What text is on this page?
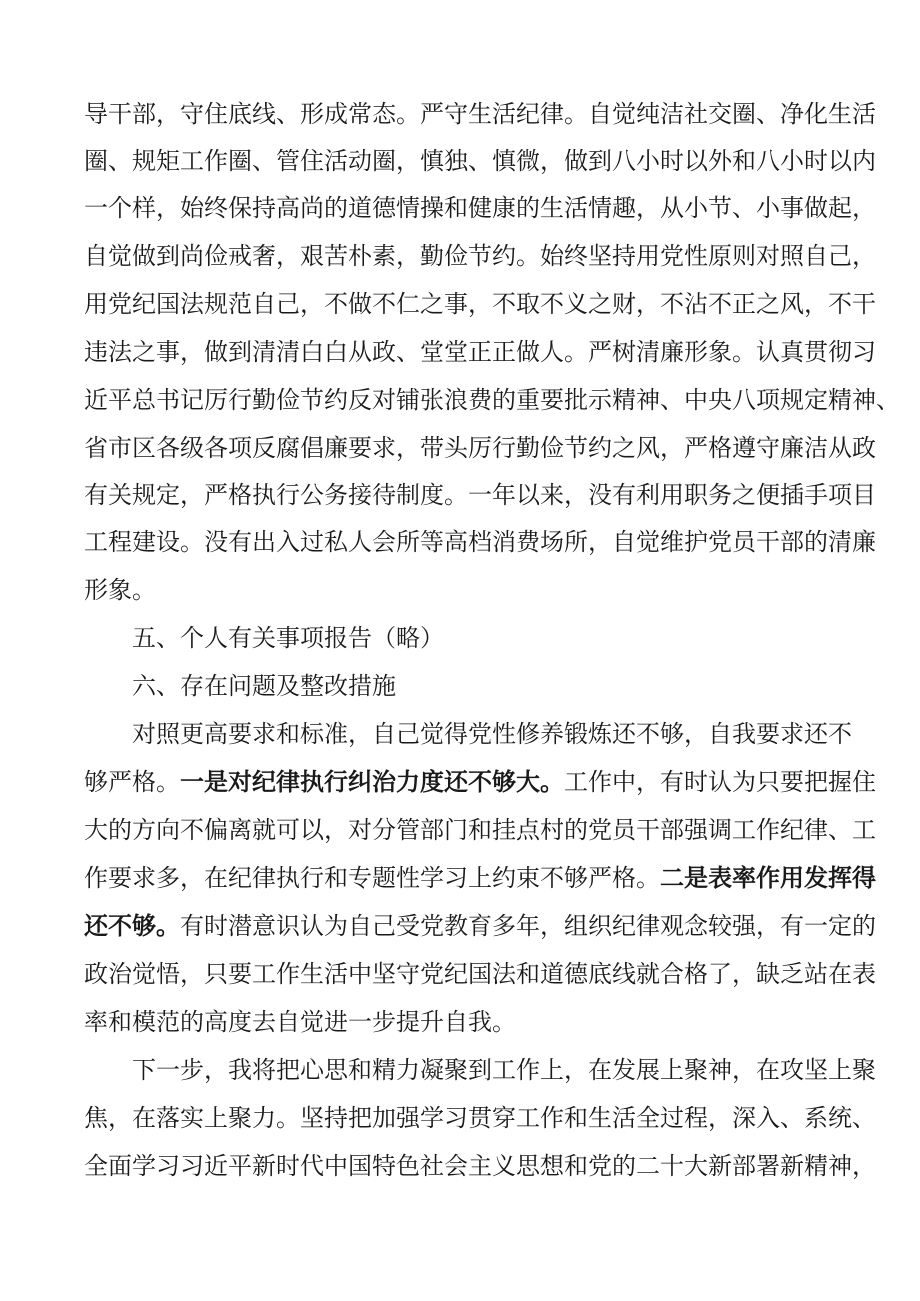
导干部，守住底线、形成常态。严守生活纪律。自觉纯洁社交圈、净化生活
圈、规矩工作圈、管住活动圈，慎独、慎微，做到八小时以外和八小时以内
一个样，始终保持高尚的道德情操和健康的生活情趣，从小节、小事做起，
自觉做到尚俭戒奢，艰苦朴素，勤俭节约。始终坚持用党性原则对照自己，
用党纪国法规范自己，不做不仁之事，不取不义之财，不沾不正之风，不干
违法之事，做到清清白白从政、堂堂正正做人。严树清廉形象。认真贯彻习
近平总书记厉行勤俭节约反对铺张浪费的重要批示精神、中央八项规定精神、
省市区各级各项反腐倡廉要求，带头厉行勤俭节约之风，严格遵守廉洁从政
有关规定，严格执行公务接待制度。一年以来，没有利用职务之便插手项目
工程建设。没有出入过私人会所等高档消费场所，自觉维护党员干部的清廉
形象。
五、个人有关事项报告（略）
六、存在问题及整改措施
对照更高要求和标准，自己觉得党性修养锻炼还不够，自我要求还不
够严格。一是对纪律执行纠治力度还不够大。工作中，有时认为只要把握住
大的方向不偏离就可以，对分管部门和挂点村的党员干部强调工作纪律、工
作要求多，在纪律执行和专题性学习上约束不够严格。二是表率作用发挥得
还不够。有时潜意识认为自己受党教育多年，组织纪律观念较强，有一定的
政治觉悟，只要工作生活中坚守党纪国法和道德底线就合格了，缺乏站在表
率和模范的高度去自觉进一步提升自我。
下一步，我将把心思和精力凝聚到工作上，在发展上聚神，在攻坚上聚
焦，在落实上聚力。坚持把加强学习贯穿工作和生活全过程，深入、系统、
全面学习习近平新时代中国特色社会主义思想和党的二十大新部署新精神，
